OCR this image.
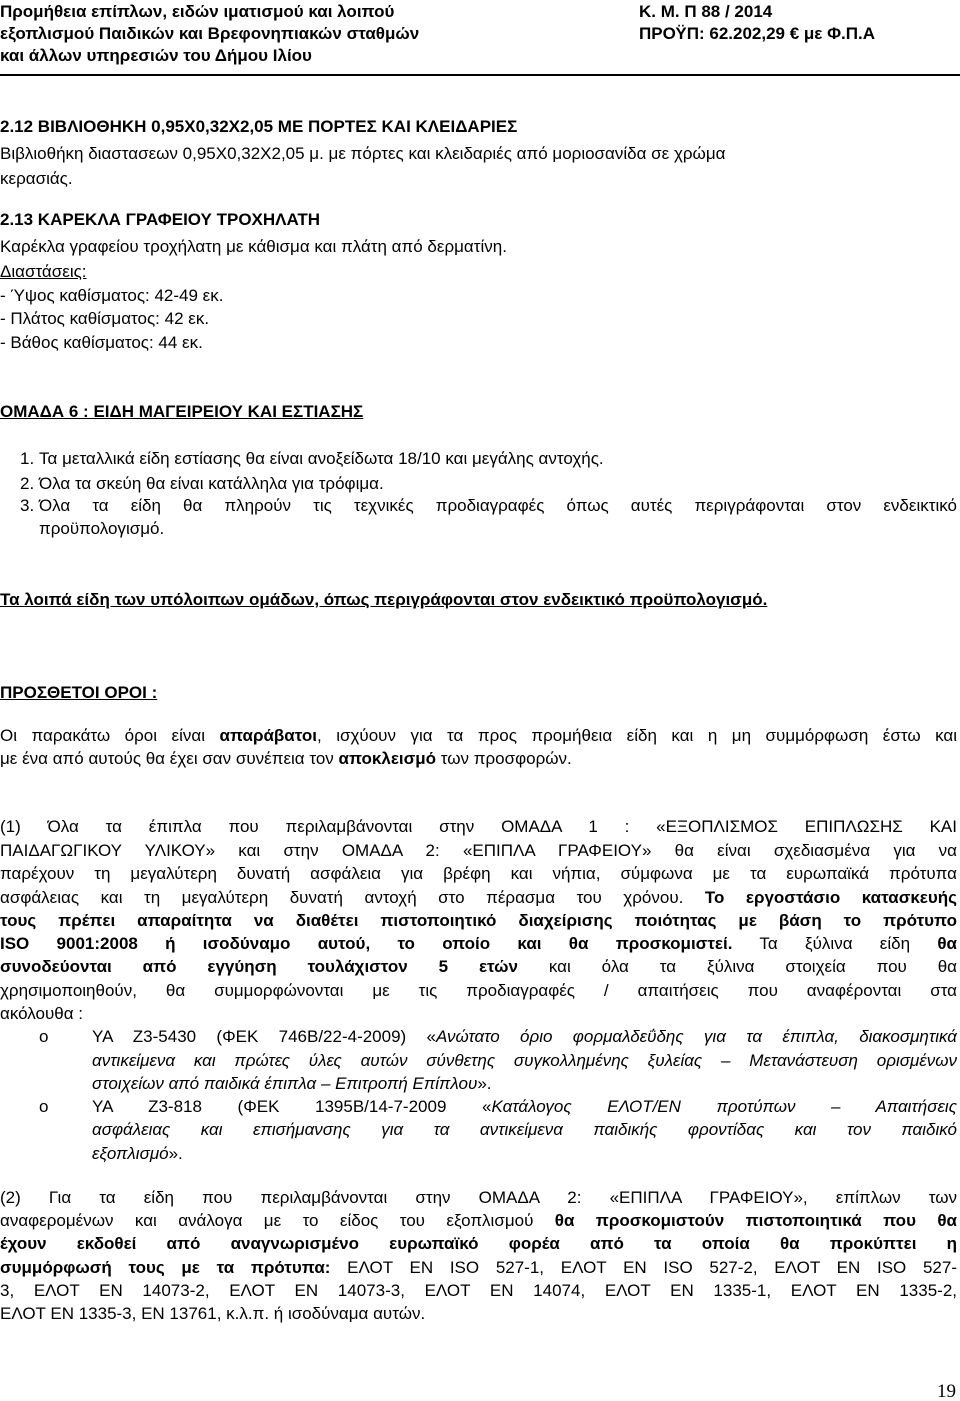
Προμήθεια επίπλων, ειδών ιματισμού και λοιπού
εξοπλισμού Παιδικών και Βρεφονηπιακών σταθμών
και άλλων υπηρεσιών του Δήμου Ιλίου
Κ. Μ. Π 88 / 2014
ΠΡΟΫΠ: 62.202,29 € με Φ.Π.Α
2.12 ΒΙΒΛΙΟΘΗΚΗ 0,95Χ0,32Χ2,05 ΜΕ ΠΟΡΤΕΣ ΚΑΙ ΚΛΕΙΔΑΡΙΕΣ
Βιβλιοθήκη διαστασεων 0,95Χ0,32Χ2,05 μ. με πόρτες και κλειδαριές από μοριοσανίδα σε χρώμα
κερασιάς.
2.13 ΚΑΡΕΚΛΑ ΓΡΑΦΕΙΟΥ ΤΡΟΧΗΛΑΤΗ
Καρέκλα γραφείου τροχήλατη με κάθισμα και πλάτη από δερματίνη.
Διαστάσεις:
- Ύψος καθίσματος: 42-49 εκ.
- Πλάτος καθίσματος: 42 εκ.
- Βάθος καθίσματος: 44 εκ.
ΟΜΑΔΑ 6 : ΕΙΔΗ ΜΑΓΕΙΡΕΙΟΥ ΚΑΙ ΕΣΤΙΑΣΗΣ
1. Τα μεταλλικά είδη εστίασης θα είναι ανοξείδωτα 18/10 και μεγάλης αντοχής.
2. Όλα τα σκεύη θα είναι κατάλληλα για τρόφιμα.
3. Όλα τα είδη θα πληρούν τις τεχνικές προδιαγραφές όπως αυτές περιγράφονται στον ενδεικτικό
προϋπολογισμό.
Τα λοιπά είδη των υπόλοιπων ομάδων, όπως περιγράφονται στον ενδεικτικό προϋπολογισμό.
ΠΡΟΣΘΕΤΟΙ ΟΡΟΙ :
Οι παρακάτω όροι είναι απαράβατοι, ισχύουν για τα προς προμήθεια είδη και η μη συμμόρφωση έστω και
με ένα από αυτούς θα έχει σαν συνέπεια τον αποκλεισμό των προσφορών.
(1) Όλα τα έπιπλα που περιλαμβάνονται στην ΟΜΑΔΑ 1 : «ΕΞΟΠΛΙΣΜΟΣ ΕΠΙΠΛΩΣΗΣ ΚΑΙ
ΠΑΙΔΑΓΩΓΙΚΟΥ ΥΛΙΚΟΥ» και στην ΟΜΑΔΑ 2: «ΕΠΙΠΛΑ ΓΡΑΦΕΙΟΥ» θα είναι σχεδιασμένα για να
παρέχουν τη μεγαλύτερη δυνατή ασφάλεια για βρέφη και νήπια, σύμφωνα με τα ευρωπαϊκά πρότυπα
ασφάλειας και τη μεγαλύτερη δυνατή αντοχή στο πέρασμα του χρόνου. Το εργοστάσιο κατασκευής
τους πρέπει απαραίτητα να διαθέτει πιστοποιητικό διαχείρισης ποιότητας με βάση το πρότυπο
ISO 9001:2008 ή ισοδύναμο αυτού, το οποίο και θα προσκομιστεί. Τα ξύλινα είδη θα
συνοδεύονται από εγγύηση τουλάχιστον 5 ετών και όλα τα ξύλινα στοιχεία που θα
χρησιμοποιηθούν, θα συμμορφώνονται με τις προδιαγραφές / απαιτήσεις που αναφέρονται στα
ακόλουθα :
o	ΥΑ Ζ3-5430 (ΦΕΚ 746Β/22-4-2009) «Ανώτατο όριο φορμαλδεΰδης για τα έπιπλα, διακοσμητικά
αντικείμενα και πρώτες ύλες αυτών σύνθετης συγκολλημένης ξυλείας – Μετανάστευση ορισμένων
στοιχείων από παιδικά έπιπλα – Επιτροπή Επίπλου».
o	ΥΑ Ζ3-818 (ΦΕΚ 1395Β/14-7-2009 «Κατάλογος ΕΛΟΤ/ΕΝ προτύπων – Απαιτήσεις
ασφάλειας και επισήμανσης για τα αντικείμενα παιδικής φροντίδας και τον παιδικό
εξοπλισμό».
(2) Για τα είδη που περιλαμβάνονται στην ΟΜΑΔΑ 2: «ΕΠΙΠΛΑ ΓΡΑΦΕΙΟΥ», επίπλων των
αναφερομένων και ανάλογα με το είδος του εξοπλισμού θα προσκομιστούν πιστοποιητικά που θα
έχουν εκδοθεί από αναγνωρισμένο ευρωπαϊκό φορέα από τα οποία θα προκύπτει η
συμμόρφωσή τους με τα πρότυπα: ΕΛΟΤ ΕΝ ISO 527-1, ΕΛΟΤ ΕΝ ISO 527-2, ΕΛΟΤ ΕΝ ISO 527-
3, ΕΛΟΤ ΕΝ 14073-2, ΕΛΟΤ ΕΝ 14073-3, ΕΛΟΤ ΕΝ 14074, ΕΛΟΤ ΕΝ 1335-1, ΕΛΟΤ ΕΝ 1335-2,
ΕΛΟΤ ΕΝ 1335-3, ΕΝ 13761, κ.λ.π. ή ισοδύναμα αυτών.
19
